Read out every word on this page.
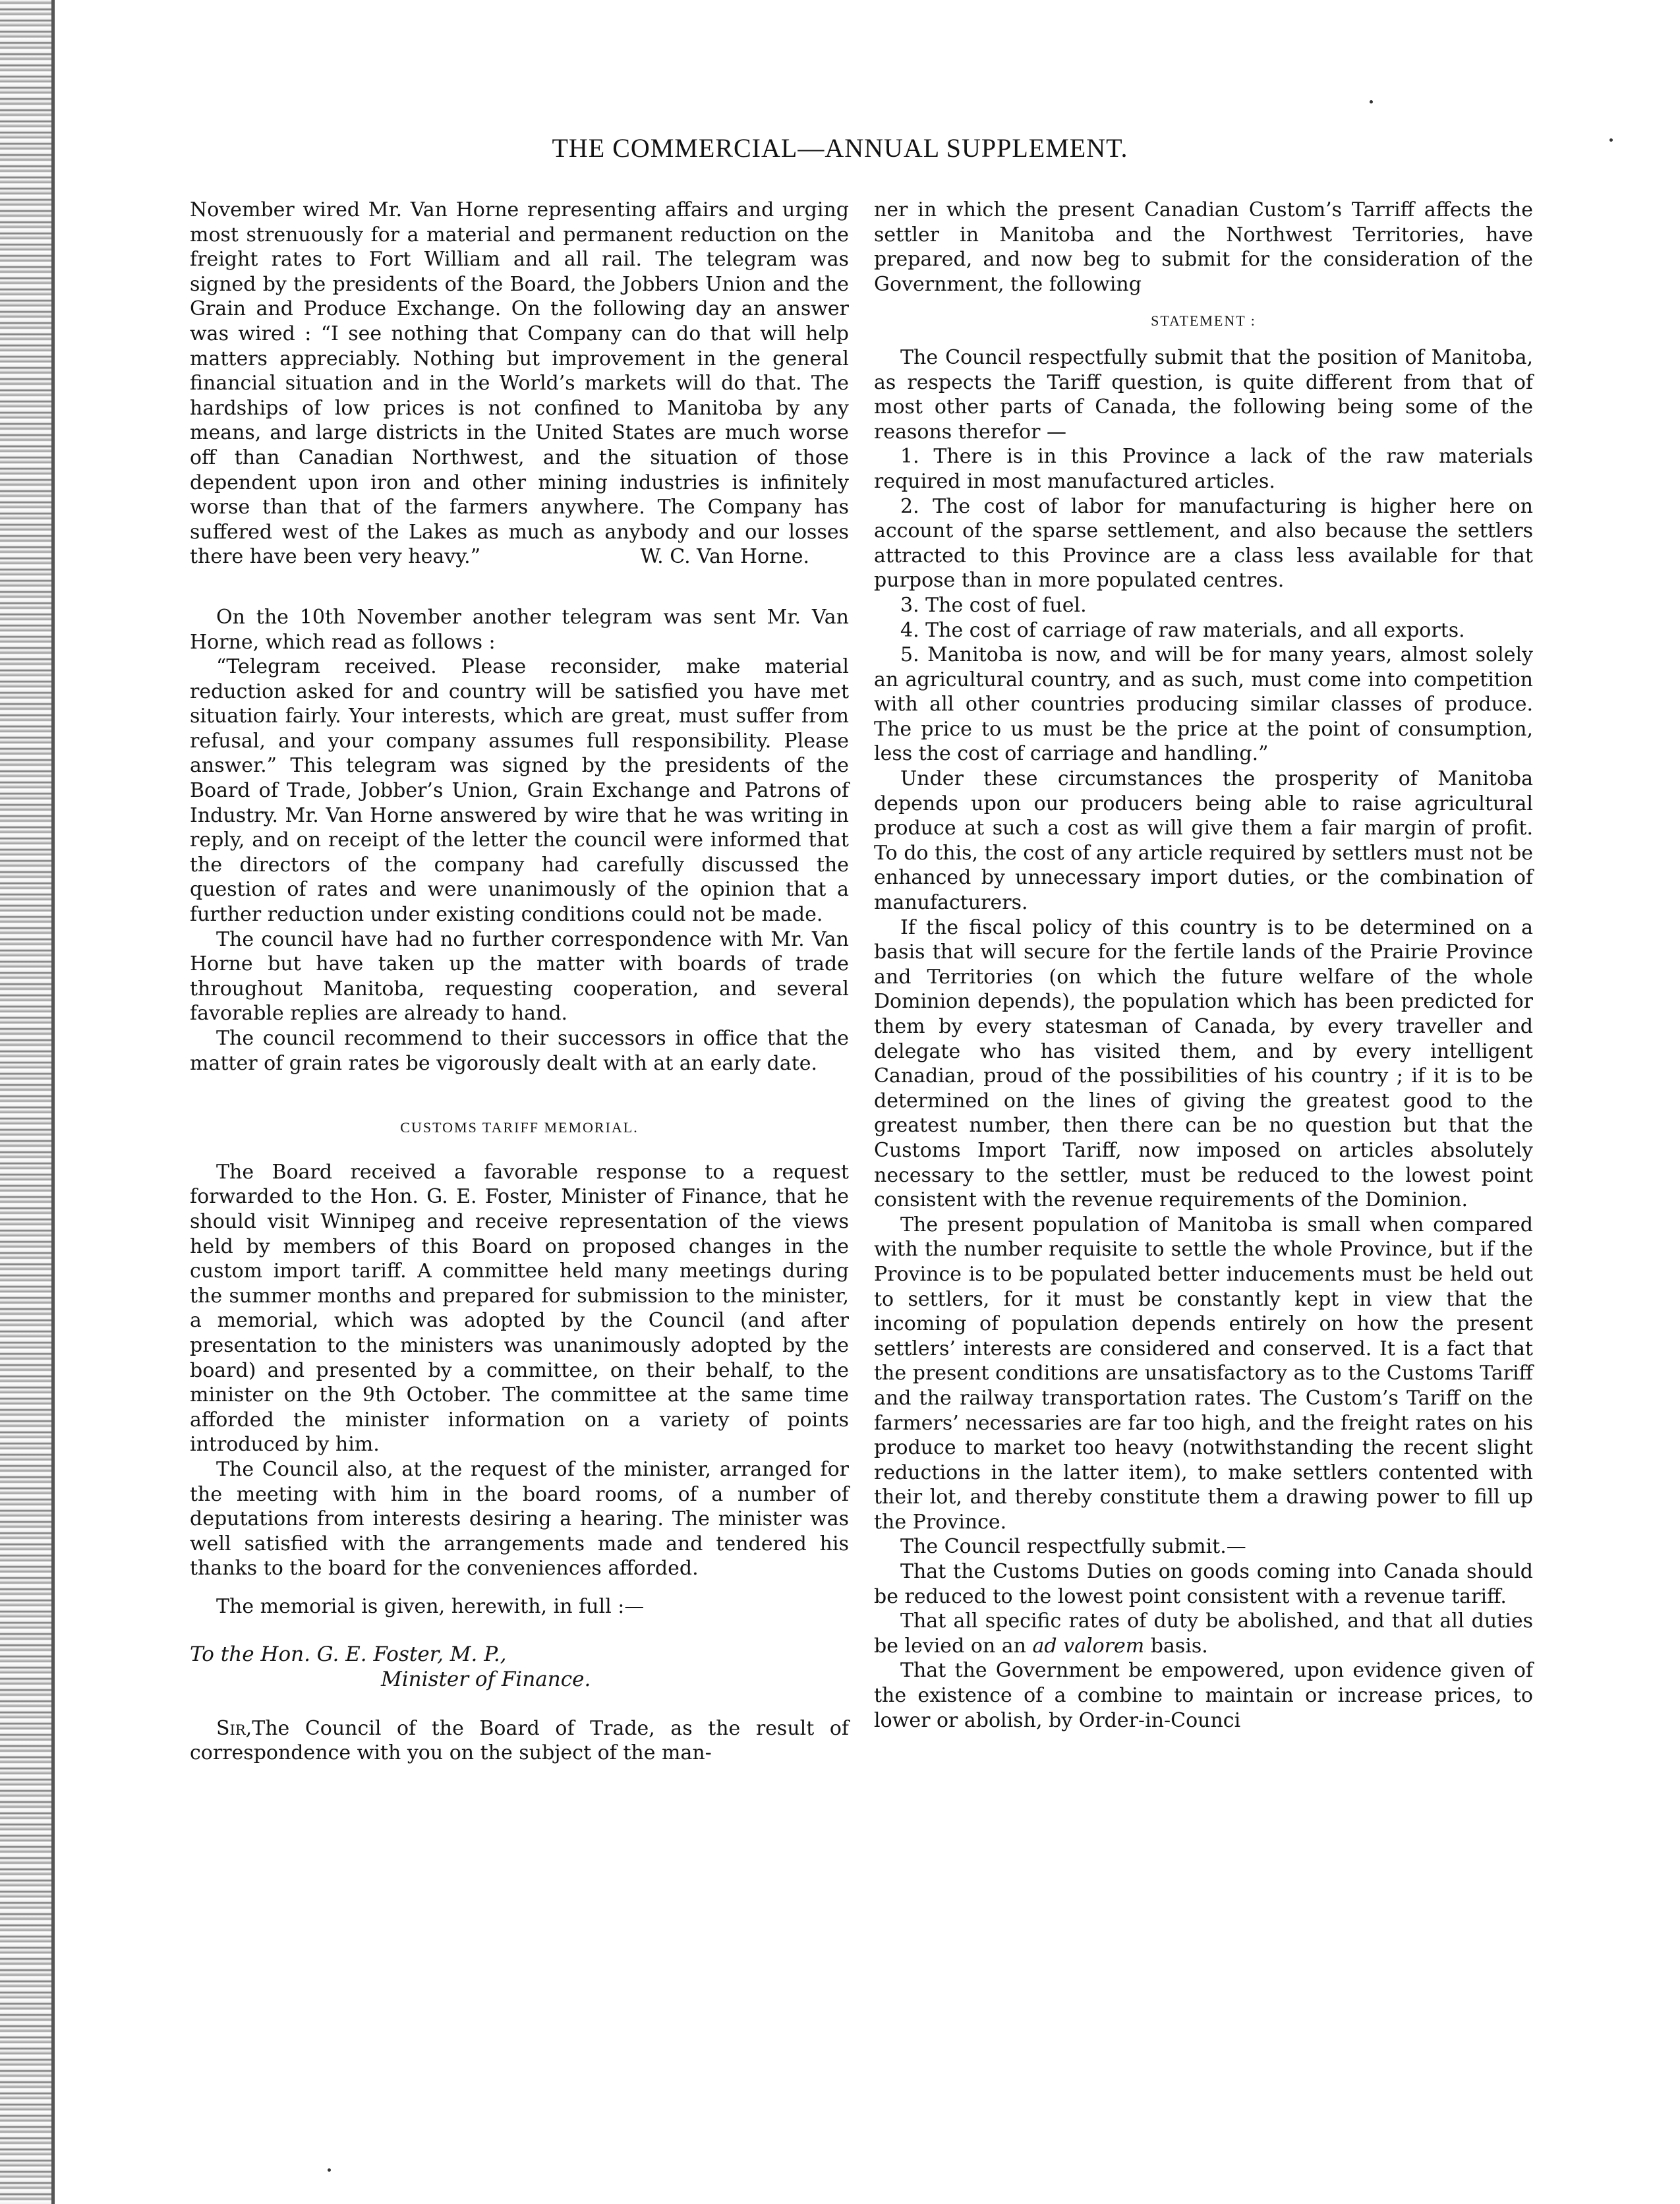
THE COMMERCIAL—ANNUAL SUPPLEMENT.

November wired Mr. Van Horne representing affairs and urging most strenuously for a material and permanent reduction on the freight rates to Fort William and all rail. The telegram was signed by the presidents of the Board, the Jobbers Union and the Grain and Produce Exchange. On the following day an answer was wired : “I see nothing that Company can do that will help matters appreciably. Nothing but improvement in the general financial situation and in the World’s markets will do that. The hardships of low prices is not confined to Manitoba by any means, and large districts in the United States are much worse off than Canadian Northwest, and the situation of those dependent upon iron and other mining industries is infinitely worse than that of the farmers anywhere. The Company has suffered west of the Lakes as much as anybody and our losses there have been very heavy.”	W. C. Van Horne.

On the 10th November another telegram was sent Mr. Van Horne, which read as follows :

“Telegram received. Please reconsider, make material reduction asked for and country will be satisfied you have met situation fairly. Your interests, which are great, must suffer from refusal, and your company assumes full responsibility. Please answer.” This telegram was signed by the presidents of the Board of Trade, Jobber’s Union, Grain Exchange and Patrons of Industry. Mr. Van Horne answered by wire that he was writing in reply, and on receipt of the letter the council were informed that the directors of the company had carefully discussed the question of rates and were unanimously of the opinion that a further reduction under existing conditions could not be made.

The council have had no further correspondence with Mr. Van Horne but have taken up the matter with boards of trade throughout Manitoba, requesting cooperation, and several favorable replies are already to hand.

The council recommend to their successors in office that the matter of grain rates be vigorously dealt with at an early date.

CUSTOMS TARIFF MEMORIAL.

The Board received a favorable response to a request forwarded to the Hon. G. E. Foster, Minister of Finance, that he should visit Winnipeg and receive representation of the views held by members of this Board on proposed changes in the custom import tariff. A committee held many meetings during the summer months and prepared for submission to the minister, a memorial, which was adopted by the Council (and after presentation to the ministers was unanimously adopted by the board) and presented by a committee, on their behalf, to the minister on the 9th October. The committee at the same time afforded the minister information on a variety of points introduced by him.

The Council also, at the request of the minister, arranged for the meeting with him in the board rooms, of a number of deputations from interests desiring a hearing. The minister was well satisfied with the arrangements made and tendered his thanks to the board for the conveniences afforded.

The memorial is given, herewith, in full :—

To the Hon. G. E. Foster, M. P.,
Minister of Finance.

Sir,The Council of the Board of Trade, as the result of correspondence with you on the subject of the man-

ner in which the present Canadian Custom’s Tarriff affects the settler in Manitoba and the Northwest Territories, have prepared, and now beg to submit for the consideration of the Government, the following

STATEMENT :

The Council respectfully submit that the position of Manitoba, as respects the Tariff question, is quite different from that of most other parts of Canada, the following being some of the reasons therefor —

1. There is in this Province a lack of the raw materials required in most manufactured articles.

2. The cost of labor for manufacturing is higher here on account of the sparse settlement, and also because the settlers attracted to this Province are a class less available for that purpose than in more populated centres.

3. The cost of fuel.

4. The cost of carriage of raw materials, and all exports.

5. Manitoba is now, and will be for many years, almost solely an agricultural country, and as such, must come into competition with all other countries producing similar classes of produce. The price to us must be the price at the point of consumption, less the cost of carriage and handling.”

Under these circumstances the prosperity of Manitoba depends upon our producers being able to raise agricultural produce at such a cost as will give them a fair margin of profit. To do this, the cost of any article required by settlers must not be enhanced by unnecessary import duties, or the combination of manufacturers.

If the fiscal policy of this country is to be determined on a basis that will secure for the fertile lands of the Prairie Province and Territories (on which the future welfare of the whole Dominion depends), the population which has been predicted for them by every statesman of Canada, by every traveller and delegate who has visited them, and by every intelligent Canadian, proud of the possibilities of his country ; if it is to be determined on the lines of giving the greatest good to the greatest number, then there can be no question but that the Customs Import Tariff, now imposed on articles absolutely necessary to the settler, must be reduced to the lowest point consistent with the revenue requirements of the Dominion.

The present population of Manitoba is small when compared with the number requisite to settle the whole Province, but if the Province is to be populated better inducements must be held out to settlers, for it must be constantly kept in view that the incoming of population depends entirely on how the present settlers’ interests are considered and conserved. It is a fact that the present conditions are unsatisfactory as to the Customs Tariff and the railway transportation rates. The Custom’s Tariff on the farmers’ necessaries are far too high, and the freight rates on his produce to market too heavy (notwithstanding the recent slight reductions in the latter item), to make settlers contented with their lot, and thereby constitute them a drawing power to fill up the Province.

The Council respectfully submit.—

That the Customs Duties on goods coming into Canada should be reduced to the lowest point consistent with a revenue tariff.

That all specific rates of duty be abolished, and that all duties be levied on an ad valorem basis.

That the Government be empowered, upon evidence given of the existence of a combine to maintain or increase prices, to lower or abolish, by Order-in-Counci
